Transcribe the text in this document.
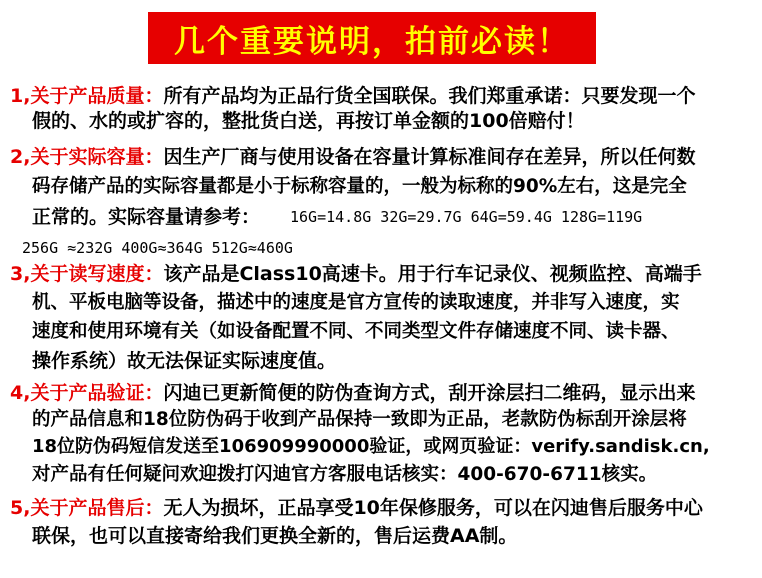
几个重要说明，拍前必读！
1,关于产品质量：所有产品均为正品行货全国联保。我们郑重承诺：只要发现一个
假的、水的或扩容的，整批货白送，再按订单金额的100倍赔付！
2,关于实际容量：因生产厂商与使用设备在容量计算标准间存在差异，所以任何数
码存储产品的实际容量都是小于标称容量的，一般为标称的90%左右，这是完全
正常的。实际容量请参考： 16G=14.8G 32G=29.7G 64G=59.4G 128G=119G
256G ≈232G 400G≈364G 512G≈460G
3,关于读写速度：该产品是Class10高速卡。用于行车记录仪、视频监控、高端手
机、平板电脑等设备，描述中的速度是官方宣传的读取速度，并非写入速度，实
速度和使用环境有关（如设备配置不同、不同类型文件存储速度不同、读卡器、
操作系统）故无法保证实际速度值。
4,关于产品验证：闪迪已更新简便的防伪查询方式，刮开涂层扫二维码，显示出来
的产品信息和18位防伪码于收到产品保持一致即为正品，老款防伪标刮开涂层将
18位防伪码短信发送至106909990000验证，或网页验证：verify.sandisk.cn,
对产品有任何疑问欢迎拨打闪迪官方客服电话核实：400-670-6711核实。
5,关于产品售后：无人为损坏，正品享受10年保修服务，可以在闪迪售后服务中心
联保，也可以直接寄给我们更换全新的，售后运费AA制。
